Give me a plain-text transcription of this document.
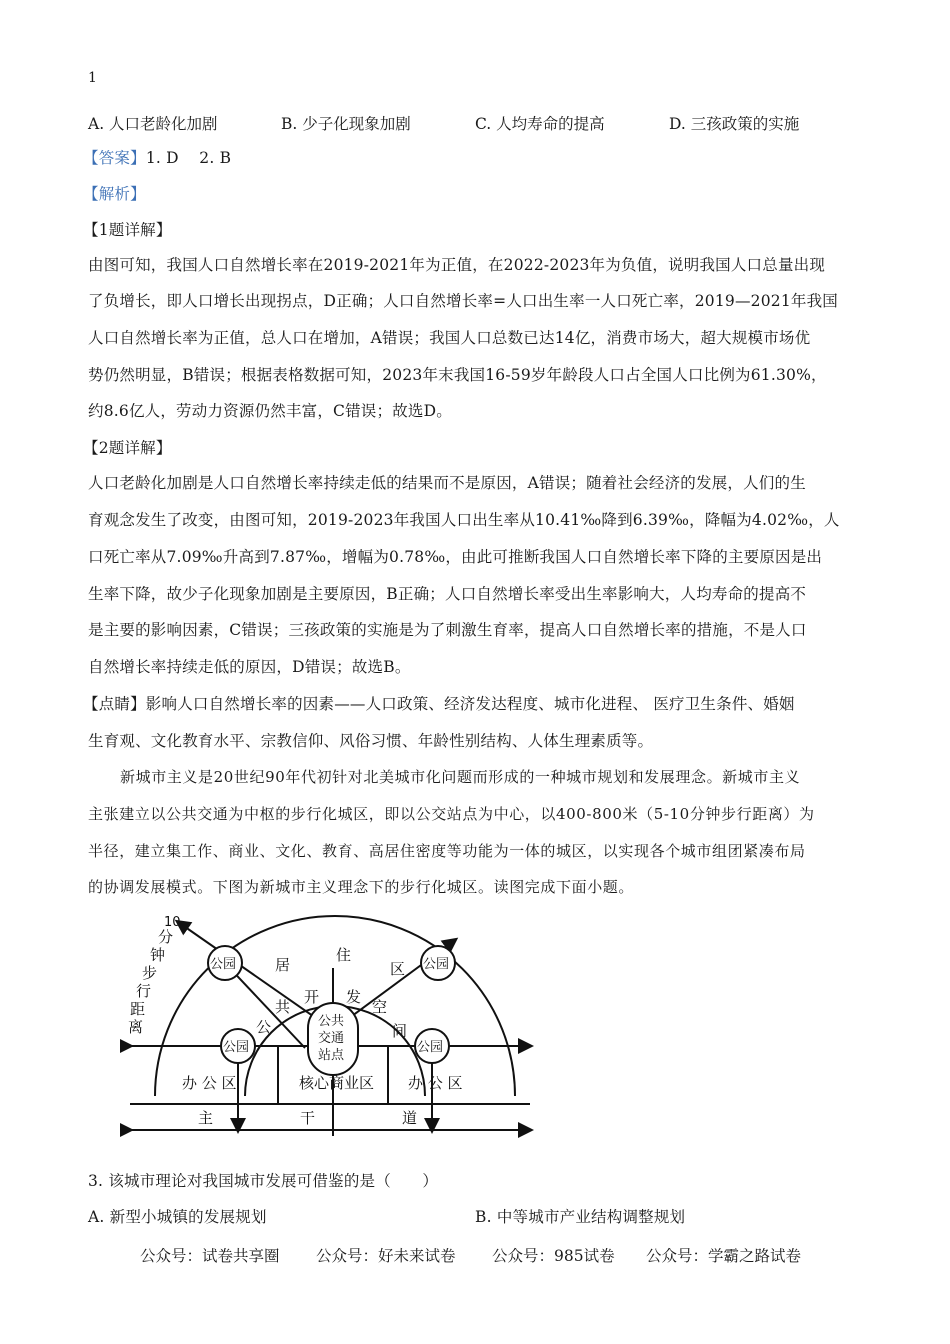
1
A. 人口老龄化加剧	B. 少子化现象加剧	C. 人均寿命的提高	D. 三孩政策的实施
【答案】1. D    2. B
【解析】
【1题详解】
由图可知，我国人口自然增长率在2019-2021年为正值，在2022-2023年为负值，说明我国人口总量出现
了负增长，即人口增长出现拐点，D正确；人口自然增长率=人口出生率一人口死亡率，2019—2021年我国
人口自然增长率为正值，总人口在增加，A错误；我国人口总数已达14亿，消费市场大，超大规模市场优
势仍然明显，B错误；根据表格数据可知，2023年末我国16-59岁年龄段人口占全国人口比例为61.30%，
约8.6亿人，劳动力资源仍然丰富，C错误；故选D。
【2题详解】
人口老龄化加剧是人口自然增长率持续走低的结果而不是原因，A错误；随着社会经济的发展，人们的生
育观念发生了改变，由图可知，2019-2023年我国人口出生率从10.41‰降到6.39‰，降幅为4.02‰，人
口死亡率从7.09‰升高到7.87‰，增幅为0.78‰，由此可推断我国人口自然增长率下降的主要原因是出
生率下降，故少子化现象加剧是主要原因，B正确；人口自然增长率受出生率影响大，人均寿命的提高不
是主要的影响因素，C错误；三孩政策的实施是为了刺激生育率，提高人口自然增长率的措施，不是人口
自然增长率持续走低的原因，D错误；故选B。
【点睛】影响人口自然增长率的因素——人口政策、经济发达程度、城市化进程、 医疗卫生条件、婚姻
生育观、文化教育水平、宗教信仰、风俗习惯、年龄性别结构、人体生理素质等。
新城市主义是20世纪90年代初针对北美城市化问题而形成的一种城市规划和发展理念。新城市主义
主张建立以公共交通为中枢的步行化城区，即以公交站点为中心，以400-800米（5-10分钟步行距离）为
半径，建立集工作、商业、文化、教育、高居住密度等功能为一体的城区，以实现各个城市组团紧凑布局
的协调发展模式。下图为新城市主义理念下的步行化城区。读图完成下面小题。
10
分
钟
步
行
距
离
公园	公园
公园	公园
居
住
区
共
开 发
空
间
公	公共
交通
站点
办 公 区	核心商业区 办 公 区
主	干	道
3. 该城市理论对我国城市发展可借鉴的是（　　）
A. 新型小城镇的发展规划	B. 中等城市产业结构调整规划
公众号：试卷共享圈 公众号：好未来试卷 公众号：985试卷 公众号：学霸之路试卷
